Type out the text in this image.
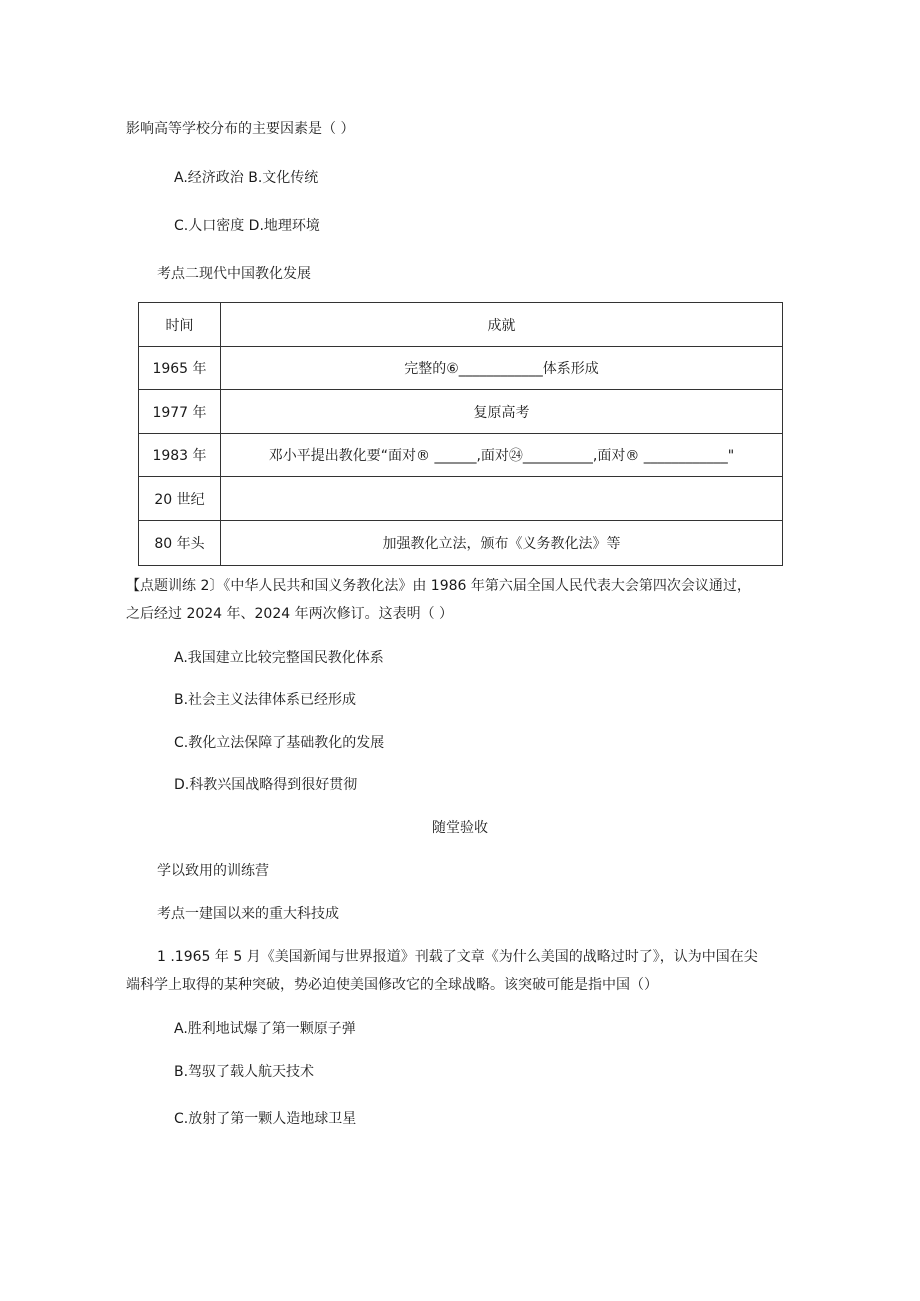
影响高等学校分布的主要因素是（ ）
A.经济政治 B.文化传统
C.人口密度 D.地理环境
考点二现代中国教化发展
时间	成就
1965 年	完整的⑥____________体系形成
1977 年	复原高考
1983 年	邓小平提出教化要“面对® ______,面对㉔__________,面对® ____________"
20 世纪	
80 年头	加强教化立法，颁布《义务教化法》等
【点题训练 2〕《中华人民共和国义务教化法》由 1986 年第六届全国人民代表大会第四次会议通过，
之后经过 2024 年、2024 年两次修订。这表明（ ）
A.我国建立比较完整国民教化体系
B.社会主义法律体系已经形成
C.教化立法保障了基础教化的发展
D.科教兴国战略得到很好贯彻
随堂验收
学以致用的训练营
考点一建国以来的重大科技成
1 .1965 年 5 月《美国新闻与世界报道》刊载了文章《为什么美国的战略过时了》，认为中国在尖
端科学上取得的某种突破，势必迫使美国修改它的全球战略。该突破可能是指中国（）
A.胜利地试爆了第一颗原子弹
B.驾驭了载人航天技术
C.放射了第一颗人造地球卫星
